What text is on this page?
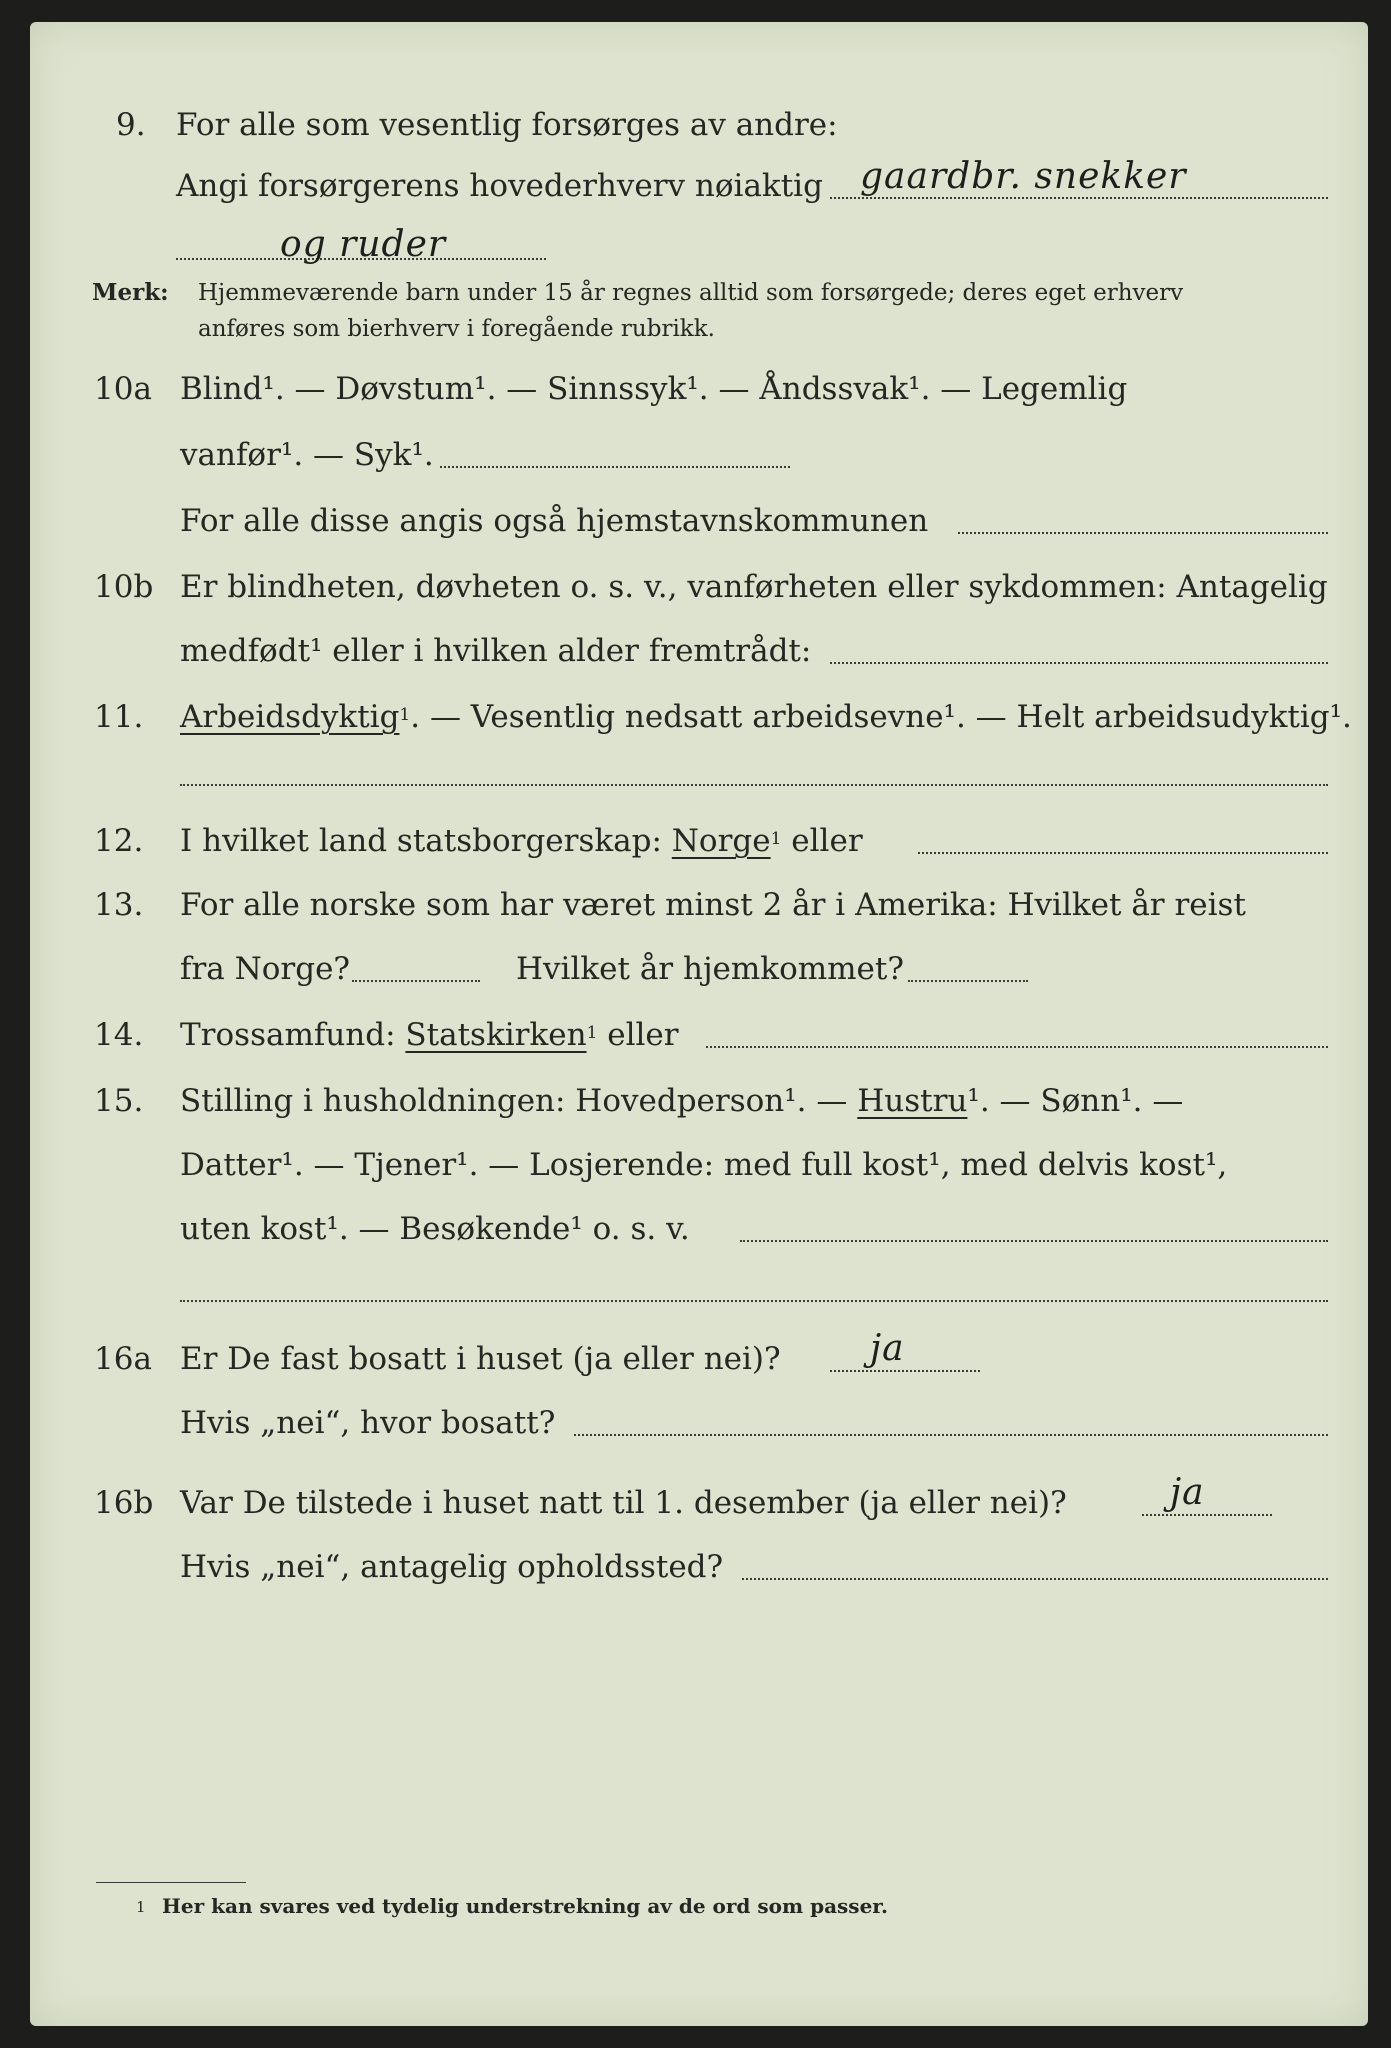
9. For alle som vesentlig forsørges av andre:
Angi forsørgerens hovederhverv nøiaktig gaardbr. snekker
og ruder
Merk: Hjemmeværende barn under 15 år regnes alltid som forsørgede; deres eget erhverv
anføres som bierhverv i foregående rubrikk.
10a Blind¹. — Døvstum¹. — Sinnssyk¹. — Åndssvak¹. — Legemlig
vanfør¹. — Syk¹.
For alle disse angis også hjemstavnskommunen
10b Er blindheten, døvheten o. s. v., vanførheten eller sykdommen: Antagelig
medfødt¹ eller i hvilken alder fremtrådt:
11. Arbeidsdyktig$^1$. — Vesentlig nedsatt arbeidsevne¹. — Helt arbeidsudyktig¹.
12. I hvilket land statsborgerskap: Norge$^1$ eller
13. For alle norske som har været minst 2 år i Amerika: Hvilket år reist
fra Norge?	Hvilket år hjemkommet?
14. Trossamfund: Statskirken$^1$ eller
15. Stilling i husholdningen: Hovedperson¹. — Hustru¹. — Sønn¹. —
Datter¹. — Tjener¹. — Losjerende: med full kost¹, med delvis kost¹,
uten kost¹. — Besøkende¹ o. s. v.
16a Er De fast bosatt i huset (ja eller nei)? ja
Hvis „nei“, hvor bosatt?
16b Var De tilstede i huset natt til 1. desember (ja eller nei)?	ja
Hvis „nei“, antagelig opholdssted?
1 Her kan svares ved tydelig understrekning av de ord som passer.
